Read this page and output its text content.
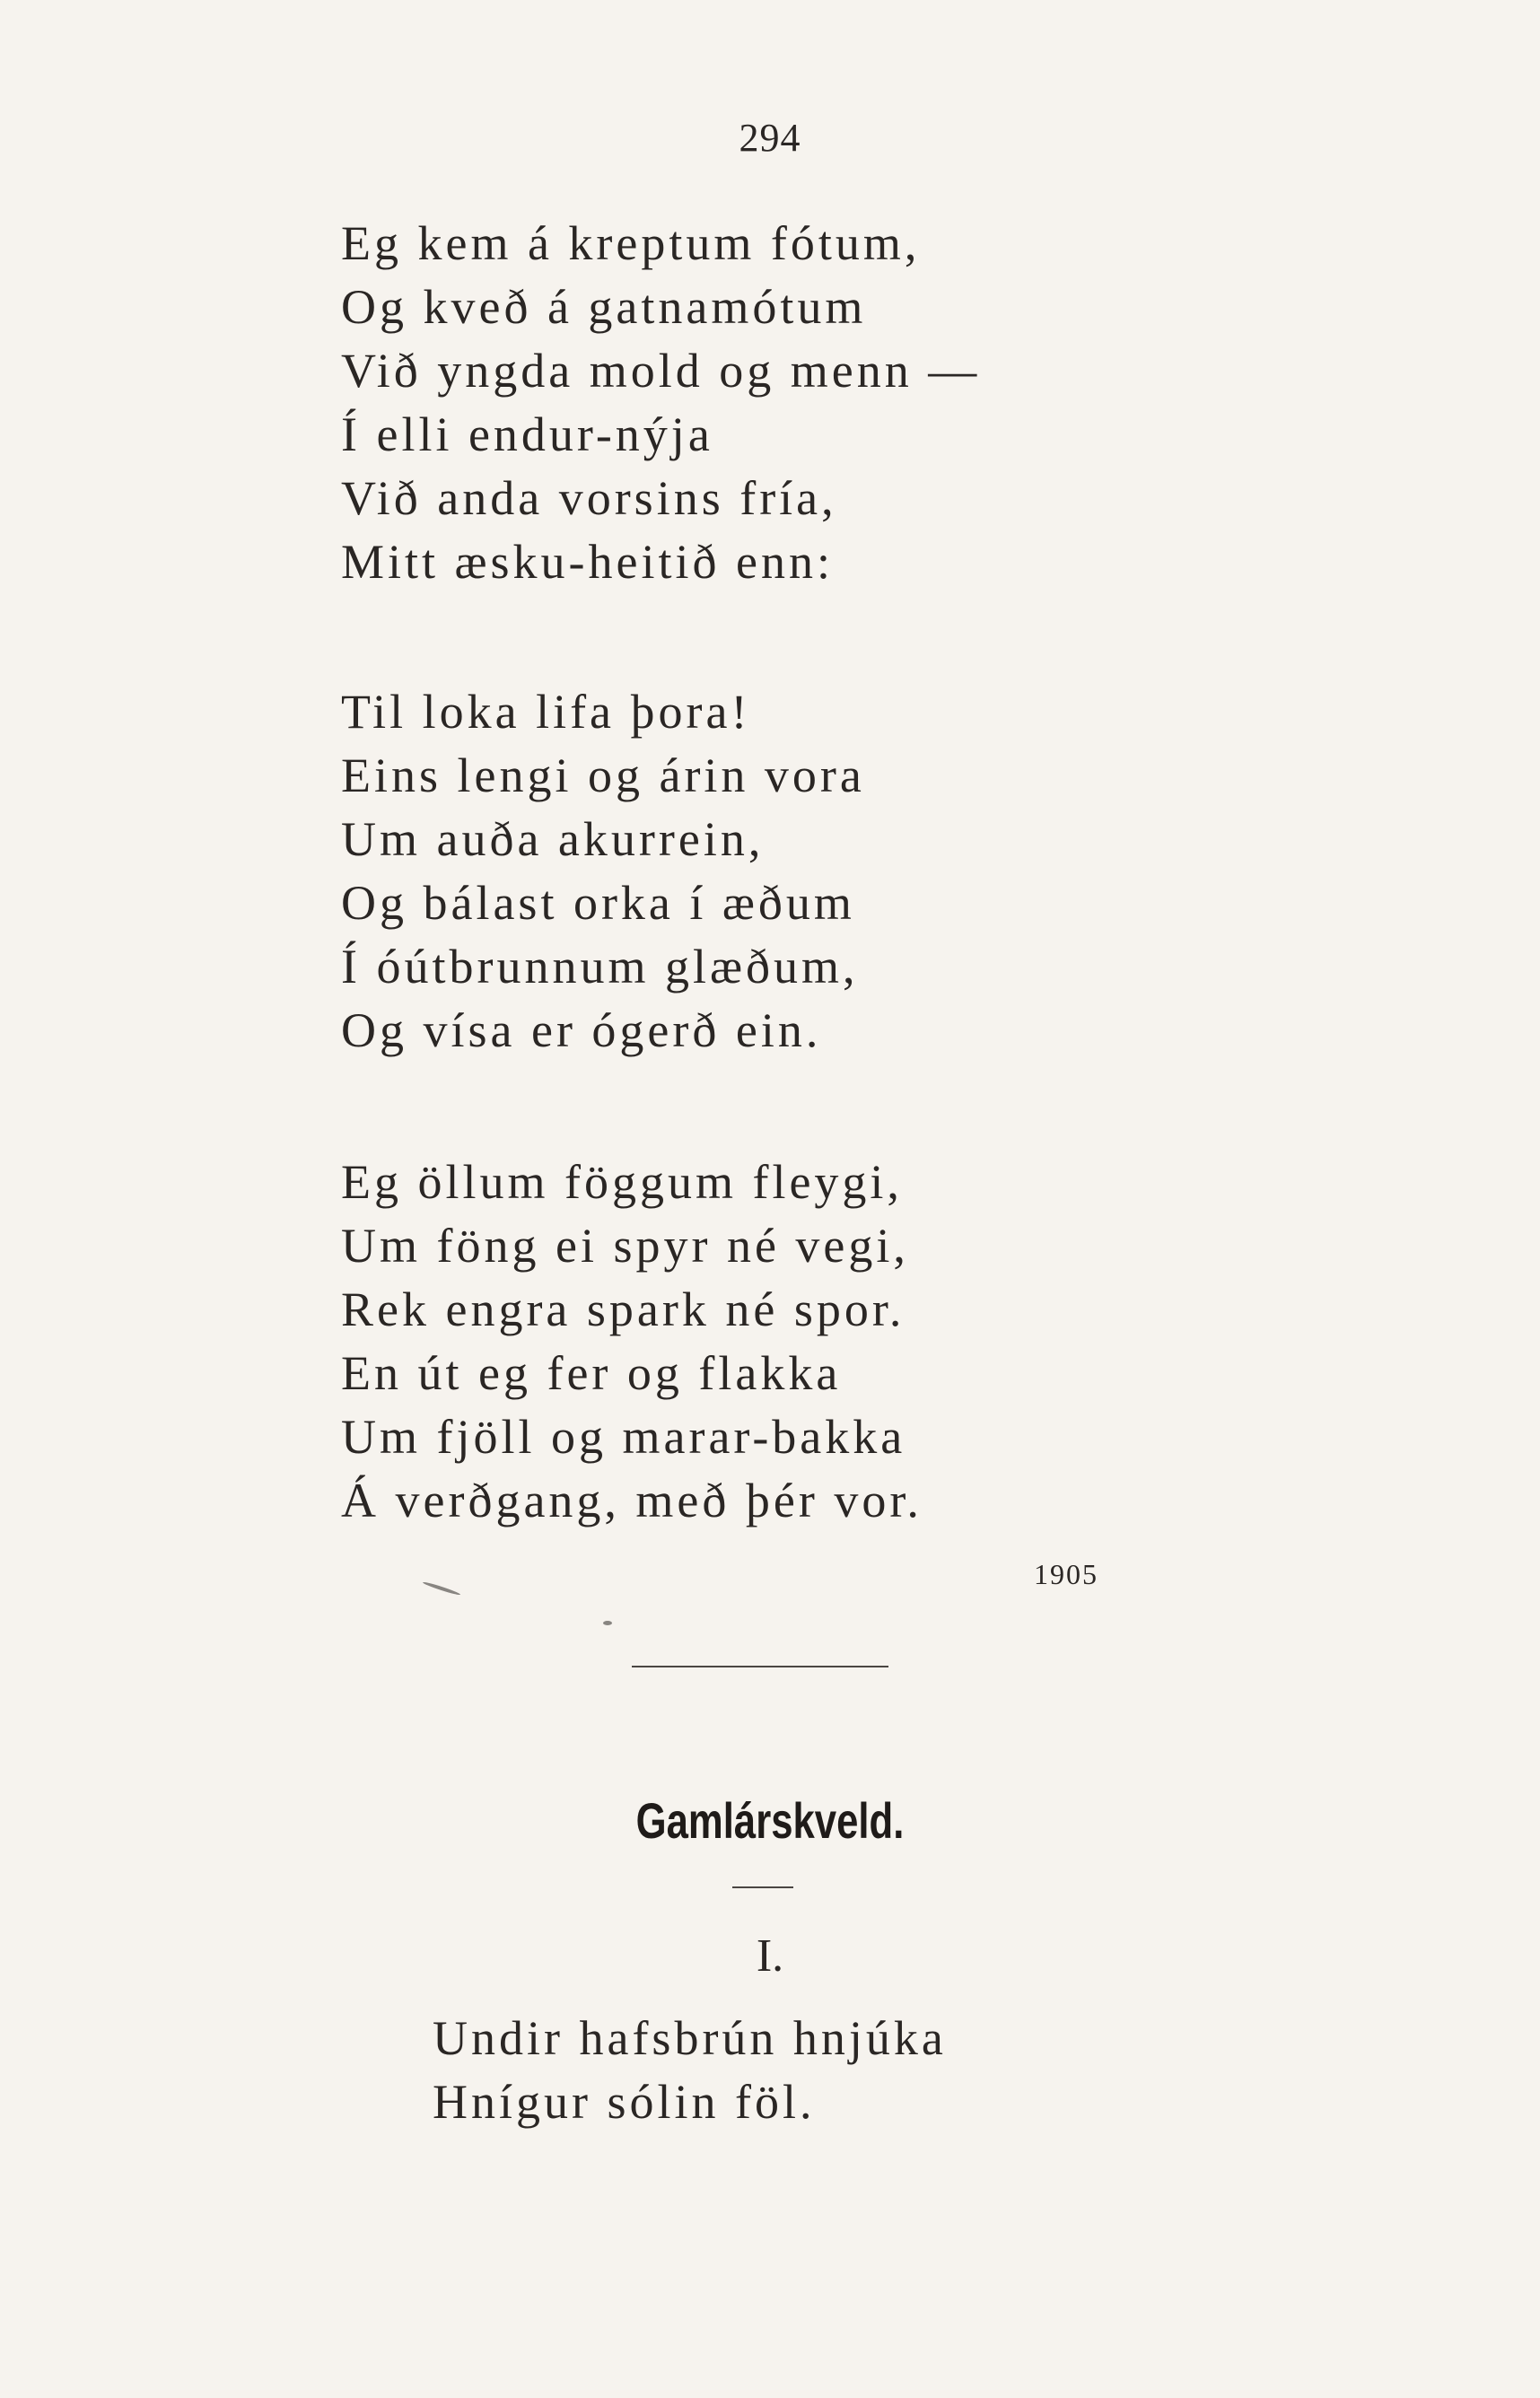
294
Eg kem á kreptum fótum,
Og kveð á gatnamótum
Við yngda mold og menn —
Í elli endur-nýja
Við anda vorsins fría,
Mitt æsku-heitið enn:
Til loka lifa þora!
Eins lengi og árin vora
Um auða akurrein,
Og bálast orka í æðum
Í óútbrunnum glæðum,
Og vísa er ógerð ein.
Eg öllum föggum fleygi,
Um föng ei spyr né vegi,
Rek engra spark né spor.
En út eg fer og flakka
Um fjöll og marar-bakka
Á verðgang, með þér vor.
1905
Gamlárskveld.
I.
Undir hafsbrún hnjúka
Hnígur sólin föl.
